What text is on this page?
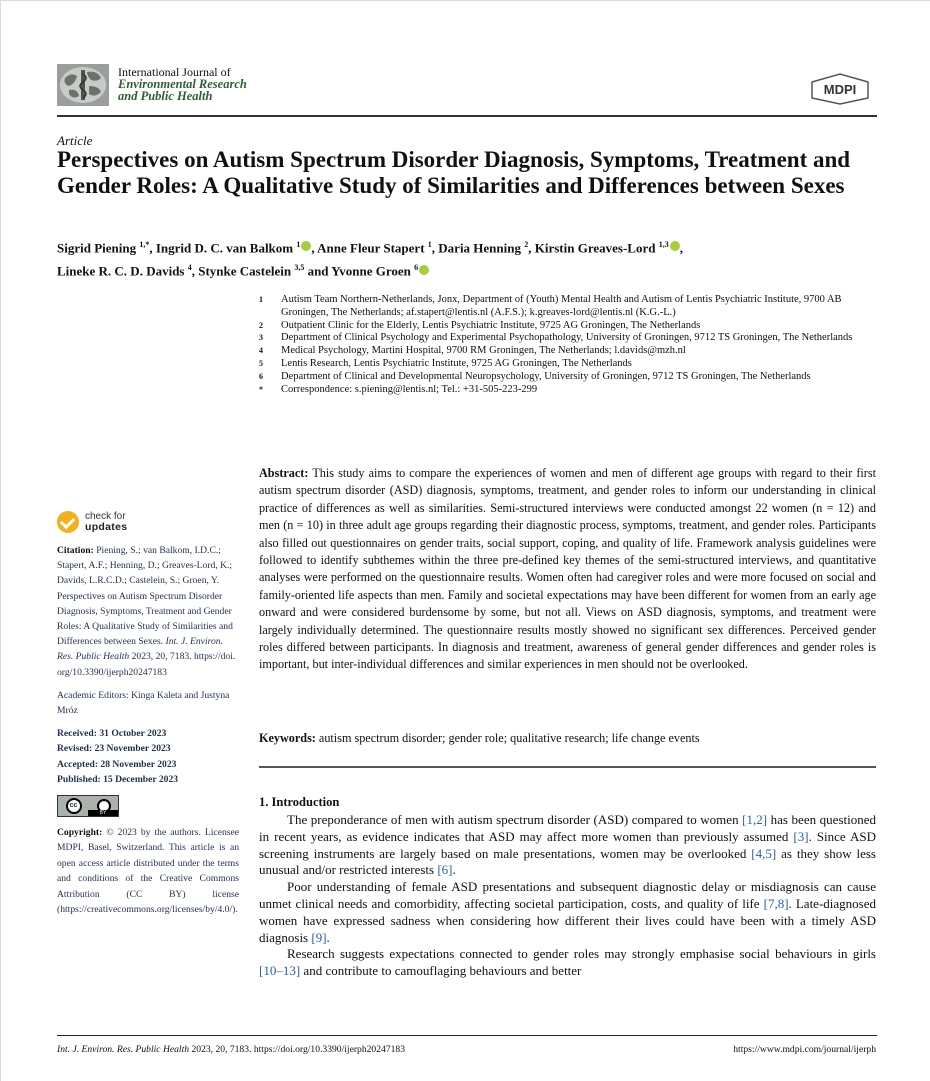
International Journal of
Environmental Research
and Public Health	MDPI
Article
Perspectives on Autism Spectrum Disorder Diagnosis, Symptoms, Treatment and Gender Roles: A Qualitative Study of Similarities and Differences between Sexes
Sigrid Piening $^{1,*}$, Ingrid D. C. van Balkom $^1$ , Anne Fleur Stapert $^1$, Daria Henning $^2$, Kirstin Greaves-Lord $^{1,3}$ ,
Lineke R. C. D. Davids $^4$, Stynke Castelein $^{3,5}$ and Yvonne Groen $^6$
1	Autism Team Northern-Netherlands, Jonx, Department of (Youth) Mental Health and Autism of Lentis Psychiatric Institute, 9700 AB Groningen, The Netherlands; af.stapert@lentis.nl (A.F.S.); k.greaves-lord@lentis.nl (K.G.-L.)
2	Outpatient Clinic for the Elderly, Lentis Psychiatric Institute, 9725 AG Groningen, The Netherlands
3	Department of Clinical Psychology and Experimental Psychopathology, University of Groningen, 9712 TS Groningen, The Netherlands
4	Medical Psychology, Martini Hospital, 9700 RM Groningen, The Netherlands; l.davids@mzh.nl
5	Lentis Research, Lentis Psychiatric Institute, 9725 AG Groningen, The Netherlands
6	Department of Clinical and Developmental Neuropsychology, University of Groningen, 9712 TS Groningen, The Netherlands
*	Correspondence: s.piening@lentis.nl; Tel.: +31-505-223-299
check for
updates

Citation: Piening, S.; van Balkom, I.D.C.; Stapert, A.F.; Henning, D.; Greaves-Lord, K.; Davids, L.R.C.D.; Castelein, S.; Groen, Y. Perspectives on Autism Spectrum Disorder Diagnosis, Symptoms, Treatment and Gender Roles: A Qualitative Study of Similarities and Differences between Sexes. Int. J. Environ. Res. Public Health 2023, 20, 7183. https://doi.org/10.3390/ijerph20247183

Academic Editors: Kinga Kaleta and Justyna Mróz

Received: 31 October 2023
Revised: 23 November 2023
Accepted: 28 November 2023
Published: 15 December 2023

cc
BY

Copyright: © 2023 by the authors. Licensee MDPI, Basel, Switzerland. This article is an open access article distributed under the terms and conditions of the Creative Commons Attribution (CC BY) license (https://creativecommons.org/licenses/by/4.0/).

Abstract: This study aims to compare the experiences of women and men of different age groups with regard to their first autism spectrum disorder (ASD) diagnosis, symptoms, treatment, and gender roles to inform our understanding in clinical practice of differences as well as similarities. Semi-structured interviews were conducted amongst 22 women (n = 12) and men (n = 10) in three adult age groups regarding their diagnostic process, symptoms, treatment, and gender roles. Participants also filled out questionnaires on gender traits, social support, coping, and quality of life. Framework analysis guidelines were followed to identify subthemes within the three pre-defined key themes of the semi-structured interviews, and quantitative analyses were performed on the questionnaire results. Women often had caregiver roles and were more focused on social and family-oriented life aspects than men. Family and societal expectations may have been different for women from an early age onward and were considered burdensome by some, but not all. Views on ASD diagnosis, symptoms, and treatment were largely individually determined. The questionnaire results mostly showed no significant sex differences. Perceived gender roles differed between participants. In diagnosis and treatment, awareness of general gender differences and gender roles is important, but inter-individual differences and similar experiences in men should not be overlooked.
Keywords: autism spectrum disorder; gender role; qualitative research; life change events
1. Introduction

The preponderance of men with autism spectrum disorder (ASD) compared to women [1,2] has been questioned in recent years, as evidence indicates that ASD may affect more women than previously assumed [3]. Since ASD screening instruments are largely based on male presentations, women may be overlooked [4,5] as they show less unusual and/or restricted interests [6].

Poor understanding of female ASD presentations and subsequent diagnostic delay or misdiagnosis can cause unmet clinical needs and comorbidity, affecting societal participation, costs, and quality of life [7,8]. Late-diagnosed women have expressed sadness when considering how different their lives could have been with a timely ASD diagnosis [9].

Research suggests expectations connected to gender roles may strongly emphasise social behaviours in girls [10–13] and contribute to camouflaging behaviours and better

Int. J. Environ. Res. Public Health 2023, 20, 7183. https://doi.org/10.3390/ijerph20247183	https://www.mdpi.com/journal/ijerph
